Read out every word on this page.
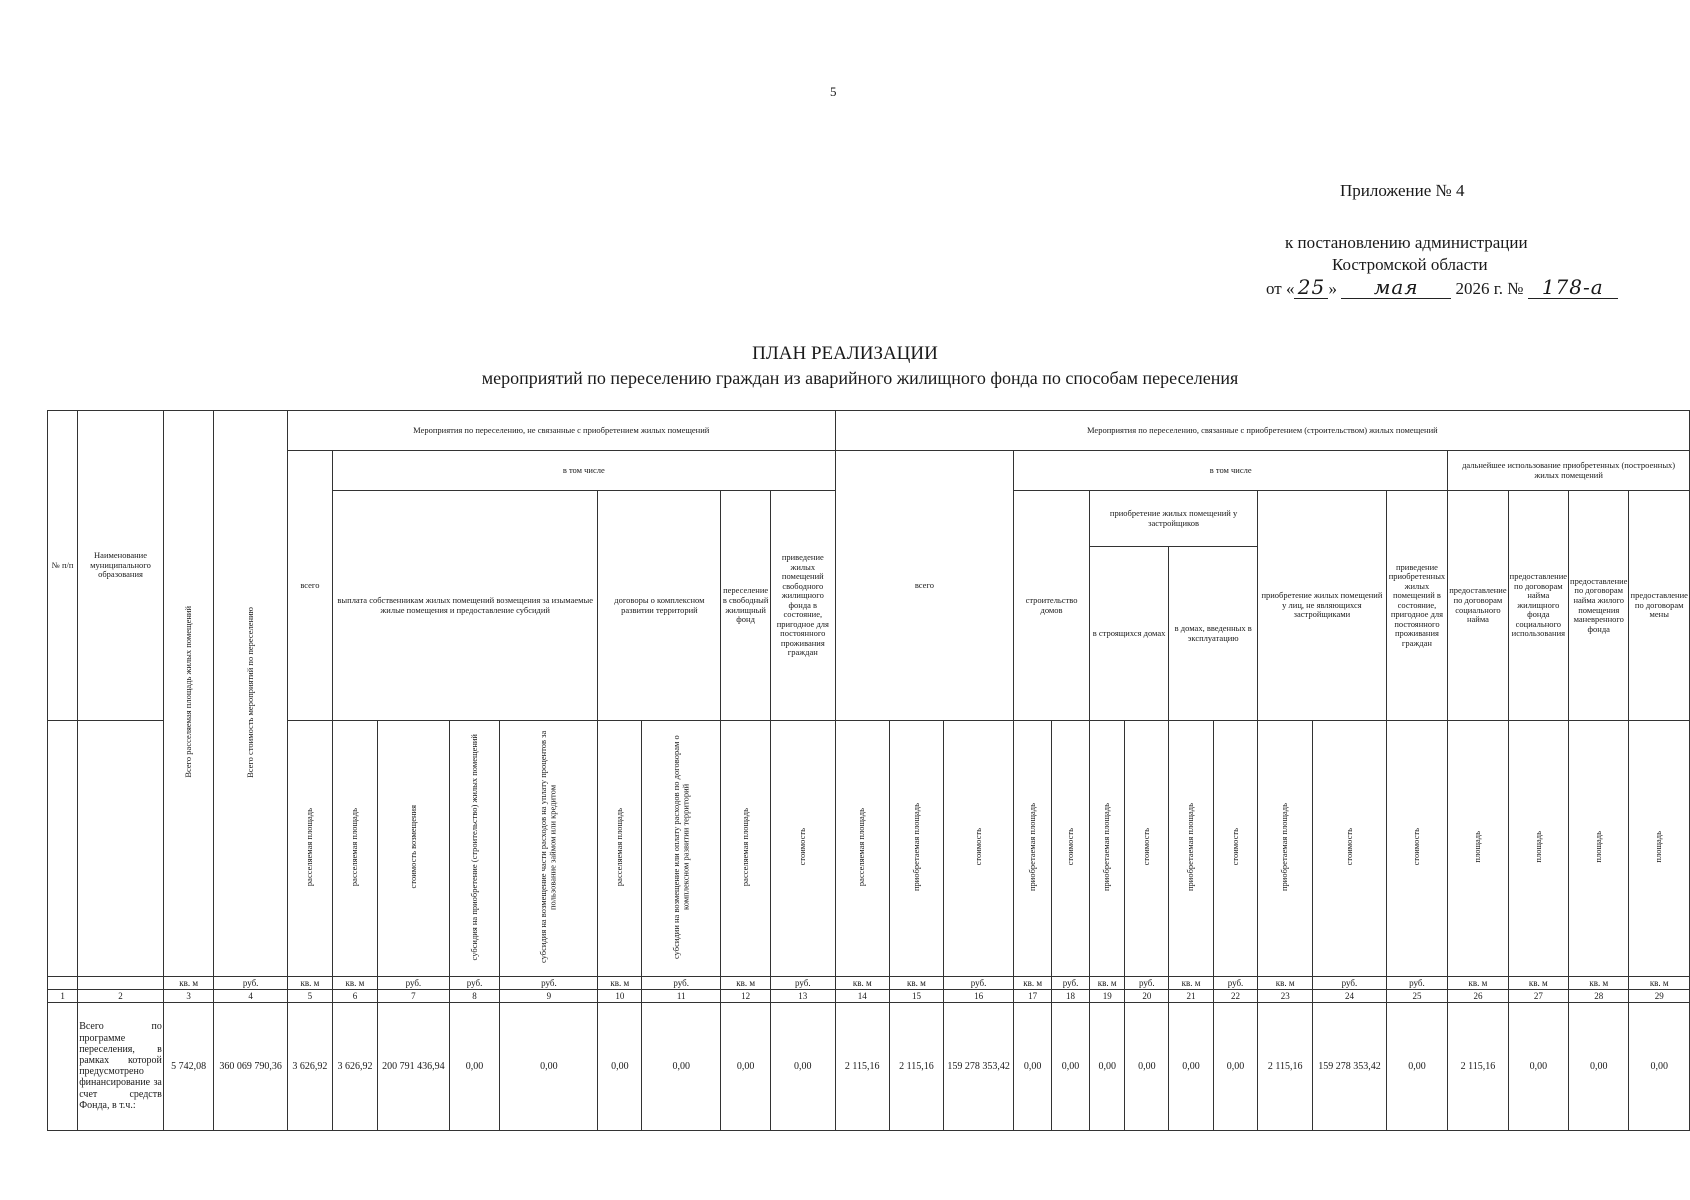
5
Приложение № 4
к постановлению администрации
Костромской области
от « 25 » мая 2026 г. № 178-а
ПЛАН РЕАЛИЗАЦИИ
мероприятий по переселению граждан из аварийного жилищного фонда по способам переселения
№ п/п	Наименование муниципального образования	Всего расселяемая площадь жилых помещений	Всего стоимость мероприятий по переселению	Мероприятия по переселению, не связанные с приобретением жилых помещений									Мероприятия по переселению, связанные с приобретением (строительством) жилых помещений															
				всего	в том числе								всего			в том числе									дальнейшее использование приобретенных (построенных) жилых помещений			
					выплата собственникам жилых помещений возмещения за изымаемые жилые помещения и предоставление субсидий				договоры о комплексном развитии территорий		переселение в свободный жилищный фонд	приведение жилых помещений свободного жилищного фонда в состояние, пригодное для постоянного проживания граждан				строительство домов		приобретение жилых помещений у застройщиков				приобретение жилых помещений у лиц, не являющихся застройщиками		приведение приобретенных жилых помещений в состояние, пригодное для постоянного проживания граждан	предоставление по договорам социального найма	предоставление по договорам найма жилищного фонда социального использования	предоставление по договорам найма жилого помещения маневренного фонда	предоставление по договорам мены
																		в строящихся домах		в домах, введенных в эксплуатацию								
				расселяемая площадь	расселяемая площадь	стоимость возмещения	субсидия на приобретение (строительство) жилых помещений	субсидия на возмещение части расходов на уплату процентов за пользование займом или кредитом	расселяемая площадь	субсидии на возмещение или оплату расходов по договорам о комплексном развитии территорий	расселяемая площадь	стоимость	расселяемая площадь	приобретаемая площадь	стоимость	приобретаемая площадь	стоимость	приобретаемая площадь	стоимость	приобретаемая площадь	стоимость	приобретаемая площадь	стоимость	стоимость	площадь	площадь	площадь	площадь
		кв. м	руб.	кв. м	кв. м	руб.	руб.	руб.	кв. м	руб.	кв. м	руб.	кв. м	кв. м	руб.	кв. м	руб.	кв. м	руб.	кв. м	руб.	кв. м	руб.	руб.	кв. м	кв. м	кв. м	кв. м
1	2	3	4	5	6	7	8	9	10	11	12	13	14	15	16	17	18	19	20	21	22	23	24	25	26	27	28	29
	Всего по программе переселения, в рамках которой предусмотрено финансирование за счет средств Фонда, в т.ч.:	5 742,08	360 069 790,36	3 626,92	3 626,92	200 791 436,94	0,00	0,00	0,00	0,00	0,00	0,00	2 115,16	2 115,16	159 278 353,42	0,00	0,00	0,00	0,00	0,00	0,00	2 115,16	159 278 353,42	0,00	2 115,16	0,00	0,00	0,00
